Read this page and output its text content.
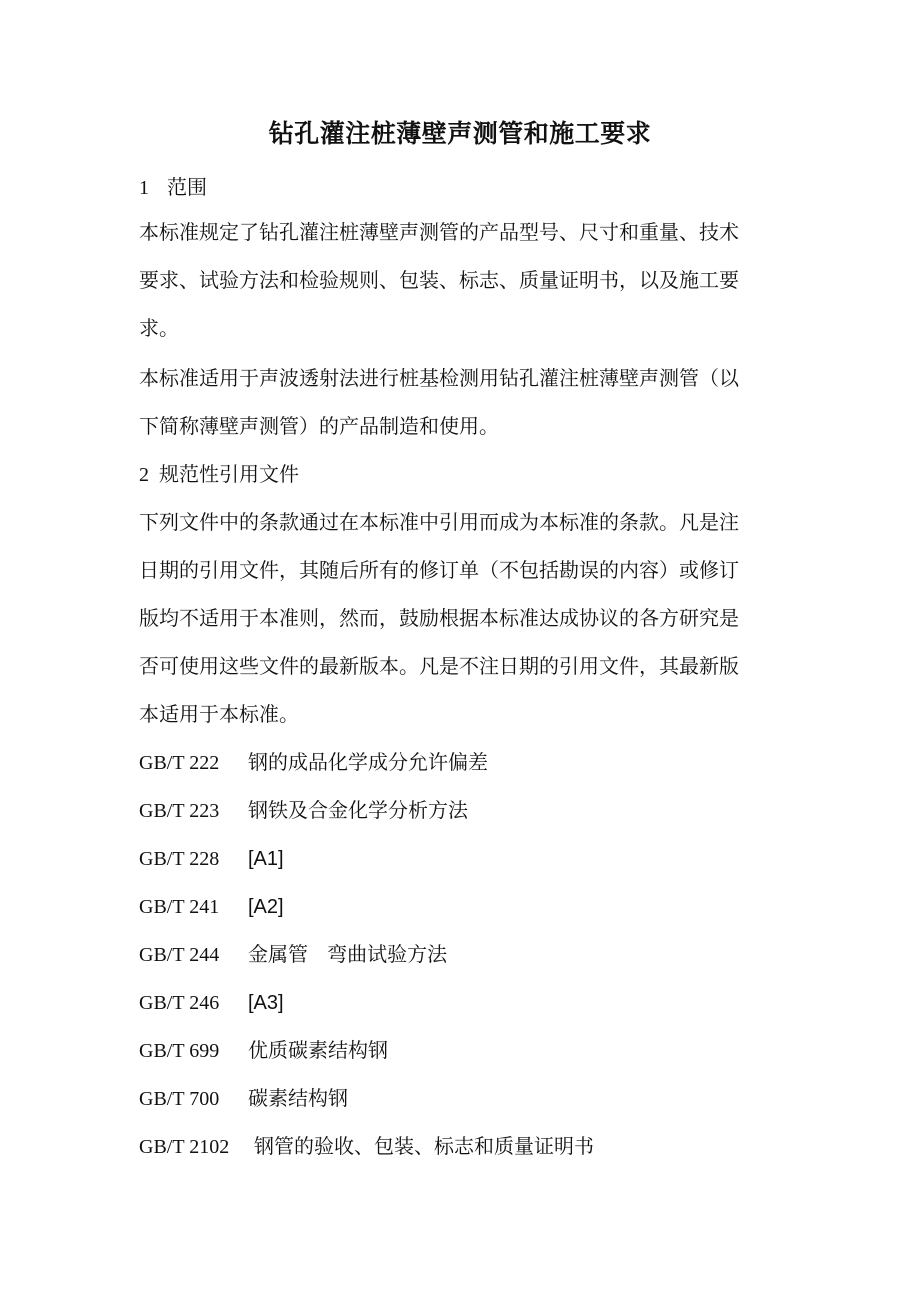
钻孔灌注桩薄壁声测管和施工要求

1 范围

本标准规定了钻孔灌注桩薄壁声测管的产品型号、尺寸和重量、技术

要求、试验方法和检验规则、包装、标志、质量证明书，以及施工要

求。

本标准适用于声波透射法进行桩基检测用钻孔灌注桩薄壁声测管（以

下简称薄壁声测管）的产品制造和使用。

2 规范性引用文件

下列文件中的条款通过在本标准中引用而成为本标准的条款。凡是注

日期的引用文件，其随后所有的修订单（不包括勘误的内容）或修订

版均不适用于本准则，然而，鼓励根据本标准达成协议的各方研究是

否可使用这些文件的最新版本。凡是不注日期的引用文件，其最新版

本适用于本标准。

GB/T 222 钢的成品化学成分允许偏差

GB/T 223 钢铁及合金化学分析方法

GB/T 228 [A1]

GB/T 241 [A2]

GB/T 244 金属管   弯曲试验方法

GB/T 246 [A3]

GB/T 699 优质碳素结构钢

GB/T 700 碳素结构钢

GB/T 2102 钢管的验收、包装、标志和质量证明书
